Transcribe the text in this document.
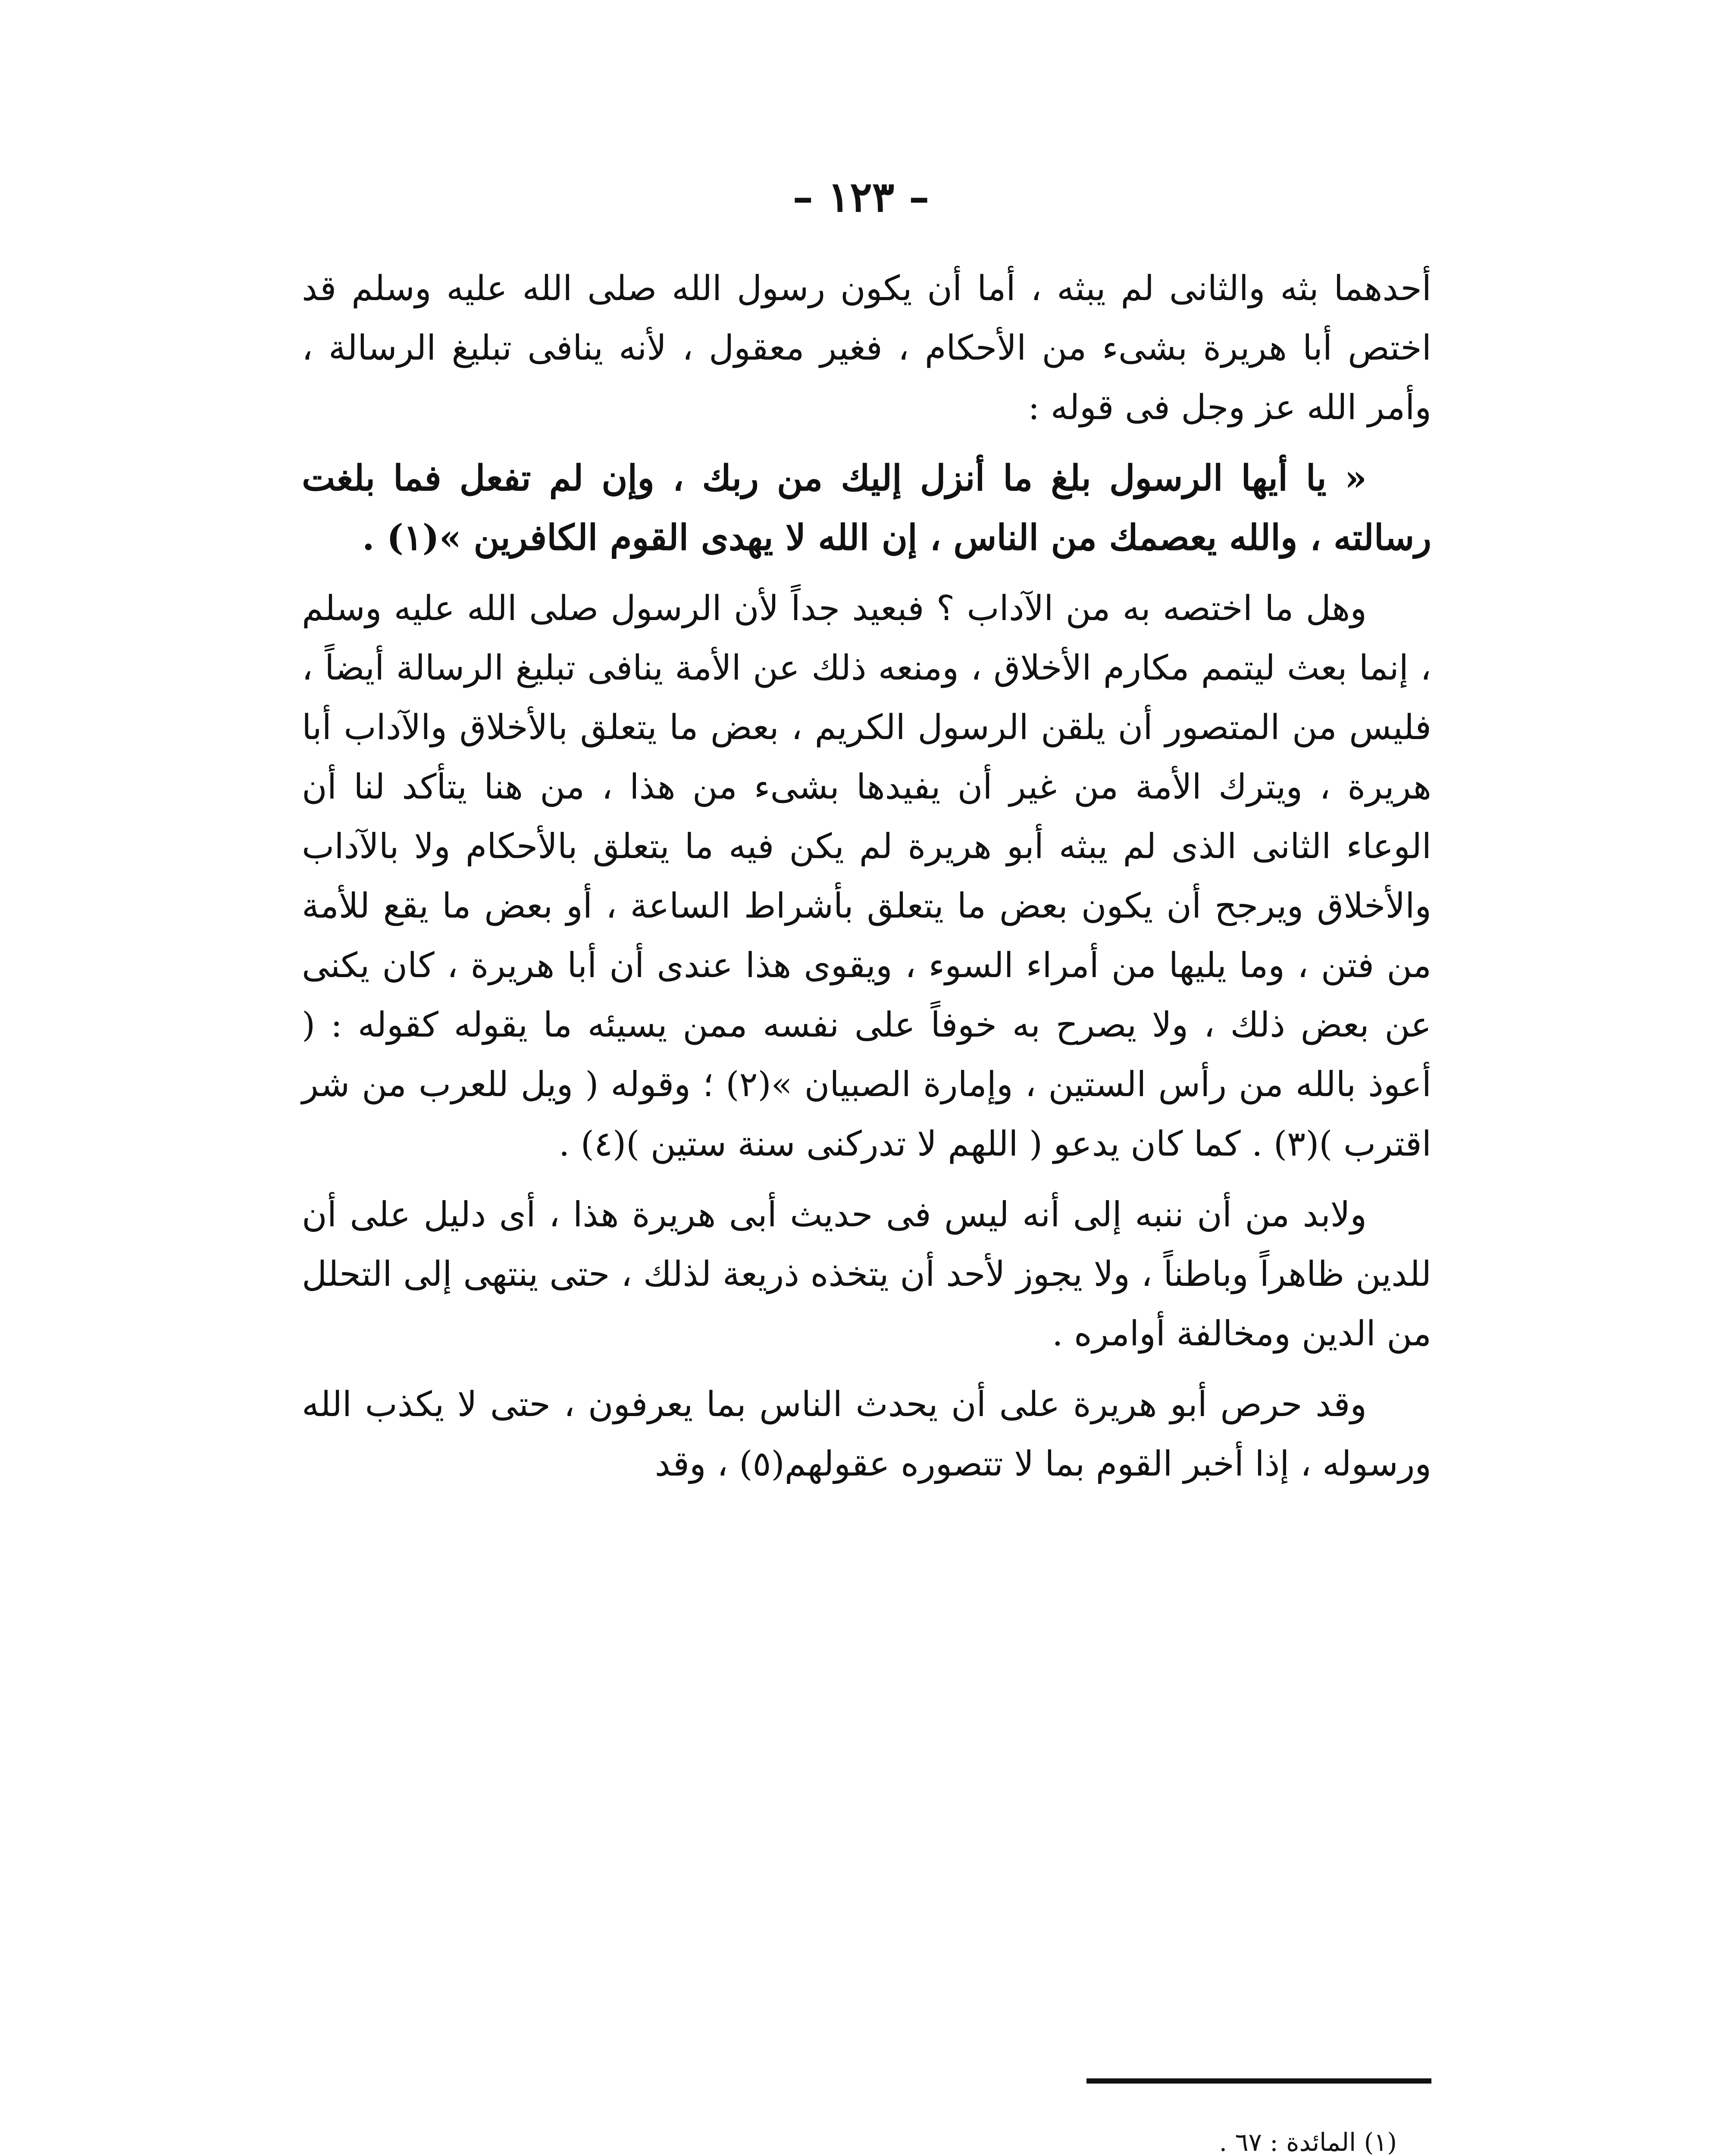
– ١٢٣ –

أحدهما بثه والثانى لم يبثه ، أما أن يكون رسول الله صلى الله عليه وسلم قد اختص أبا هريرة بشىء من الأحكام ، فغير معقول ، لأنه ينافى تبليغ الرسالة ، وأمر الله عز وجل فى قوله :

« يا أيها الرسول بلغ ما أنزل إليك من ربك ، وإن لم تفعل فما بلغت رسالته ، والله يعصمك من الناس ، إن الله لا يهدى القوم الكافرين »(١) .

وهل ما اختصه به من الآداب ؟ فبعيد جداً لأن الرسول صلى الله عليه وسلم ، إنما بعث ليتمم مكارم الأخلاق ، ومنعه ذلك عن الأمة ينافى تبليغ الرسالة أيضاً ، فليس من المتصور أن يلقن الرسول الكريم ، بعض ما يتعلق بالأخلاق والآداب أبا هريرة ، ويترك الأمة من غير أن يفيدها بشىء من هذا ، من هنا يتأكد لنا أن الوعاء الثانى الذى لم يبثه أبو هريرة لم يكن فيه ما يتعلق بالأحكام ولا بالآداب والأخلاق ويرجح أن يكون بعض ما يتعلق بأشراط الساعة ، أو بعض ما يقع للأمة من فتن ، وما يليها من أمراء السوء ، ويقوى هذا عندى أن أبا هريرة ، كان يكنى عن بعض ذلك ، ولا يصرح به خوفاً على نفسه ممن يسيئه ما يقوله كقوله : ( أعوذ بالله من رأس الستين ، وإمارة الصبيان »(٢) ؛ وقوله ( ويل للعرب من شر اقترب )(٣) . كما كان يدعو ( اللهم لا تدركنى سنة ستين )(٤) .

ولابد من أن ننبه إلى أنه ليس فى حديث أبى هريرة هذا ، أى دليل على أن للدين ظاهراً وباطناً ، ولا يجوز لأحد أن يتخذه ذريعة لذلك ، حتى ينتهى إلى التحلل من الدين ومخالفة أوامره .

وقد حرص أبو هريرة على أن يحدث الناس بما يعرفون ، حتى لا يكذب الله ورسوله ، إذا أخبر القوم بما لا تتصوره عقولهم(٥) ، وقد

(١) المائدة : ٦٧ .
